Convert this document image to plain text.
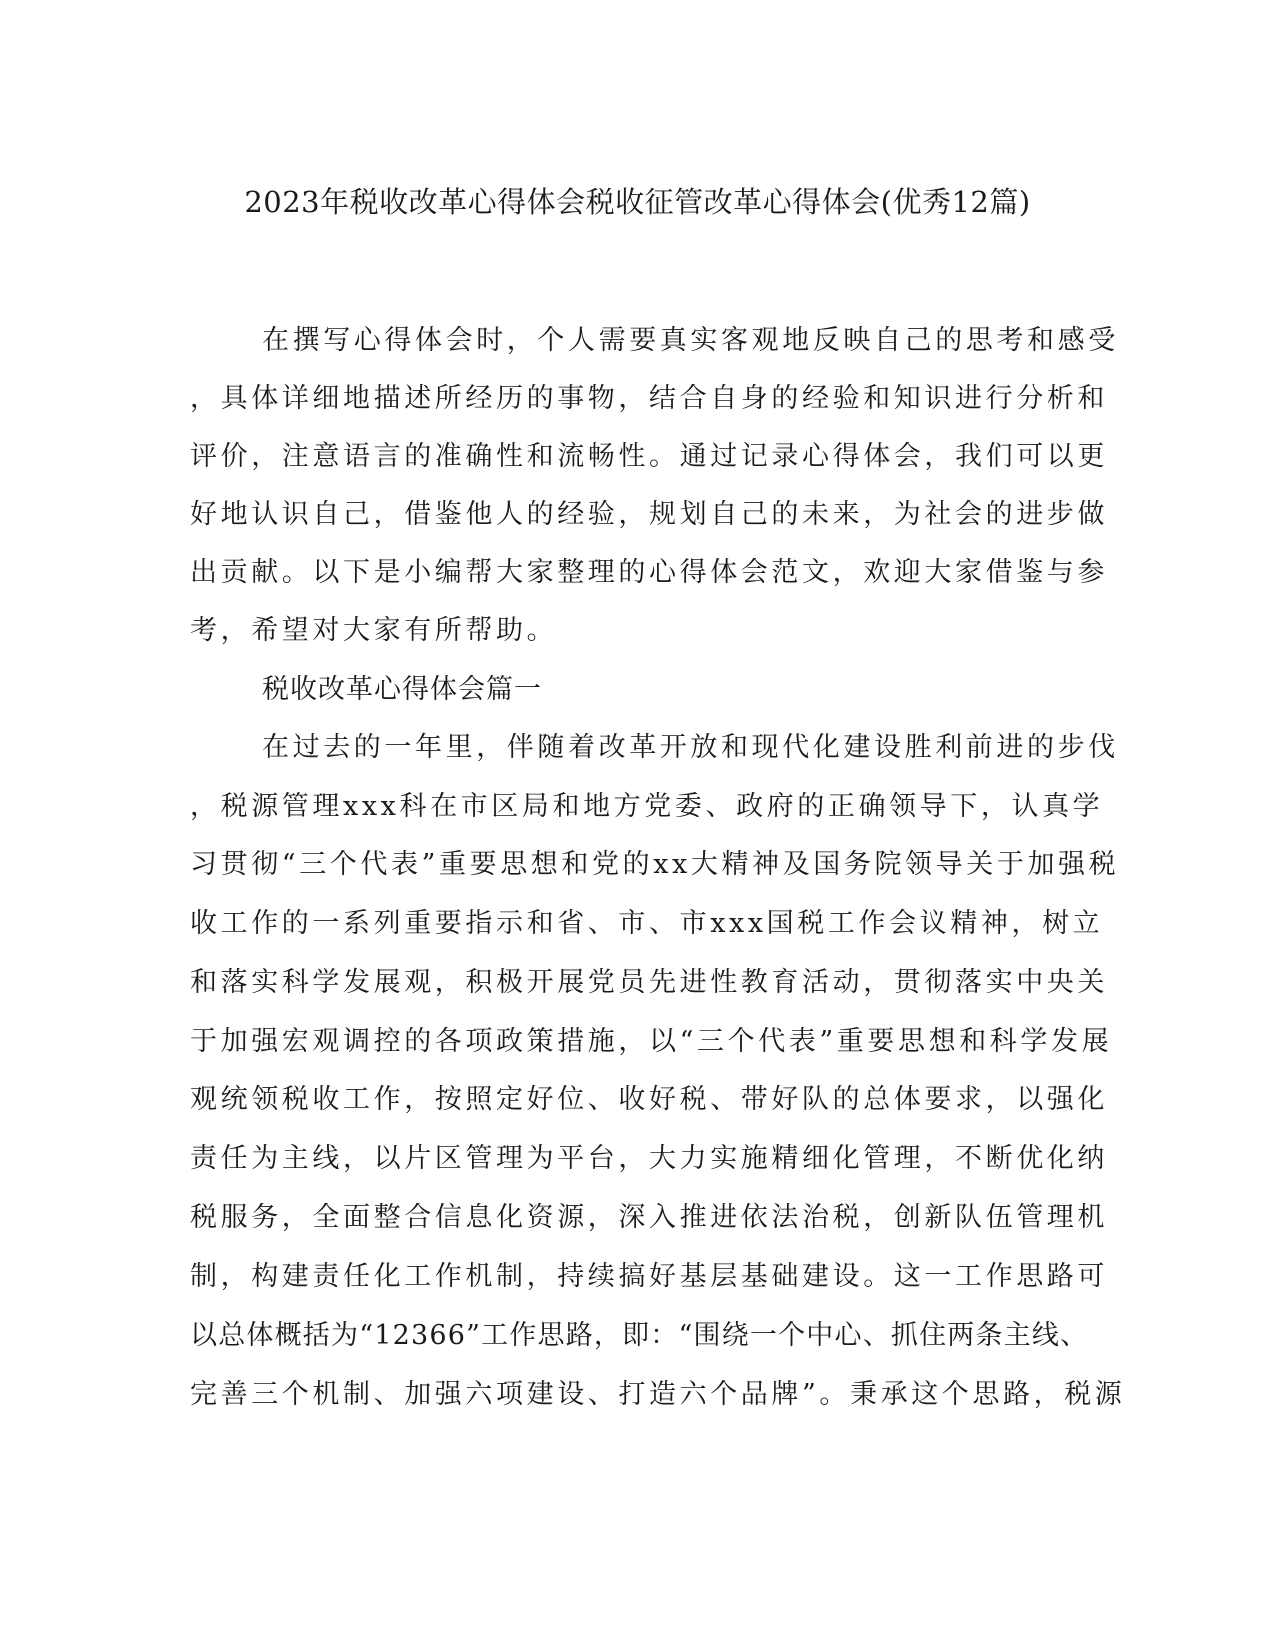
2023年税收改革心得体会税收征管改革心得体会(优秀12篇)
在撰写心得体会时，个人需要真实客观地反映自己的思考和感受
，具体详细地描述所经历的事物，结合自身的经验和知识进行分析和
评价，注意语言的准确性和流畅性。通过记录心得体会，我们可以更
好地认识自己，借鉴他人的经验，规划自己的未来，为社会的进步做
出贡献。以下是小编帮大家整理的心得体会范文，欢迎大家借鉴与参
考，希望对大家有所帮助。
税收改革心得体会篇一
在过去的一年里，伴随着改革开放和现代化建设胜利前进的步伐
，税源管理xxx科在市区局和地方党委、政府的正确领导下，认真学
习贯彻“三个代表”重要思想和党的xx大精神及国务院领导关于加强税
收工作的一系列重要指示和省、市、市xxx国税工作会议精神，树立
和落实科学发展观，积极开展党员先进性教育活动，贯彻落实中央关
于加强宏观调控的各项政策措施，以“三个代表”重要思想和科学发展
观统领税收工作，按照定好位、收好税、带好队的总体要求，以强化
责任为主线，以片区管理为平台，大力实施精细化管理，不断优化纳
税服务，全面整合信息化资源，深入推进依法治税，创新队伍管理机
制，构建责任化工作机制，持续搞好基层基础建设。这一工作思路可
以总体概括为“12366”工作思路，即：“围绕一个中心、抓住两条主线、
完善三个机制、加强六项建设、打造六个品牌”。秉承这个思路，税源
